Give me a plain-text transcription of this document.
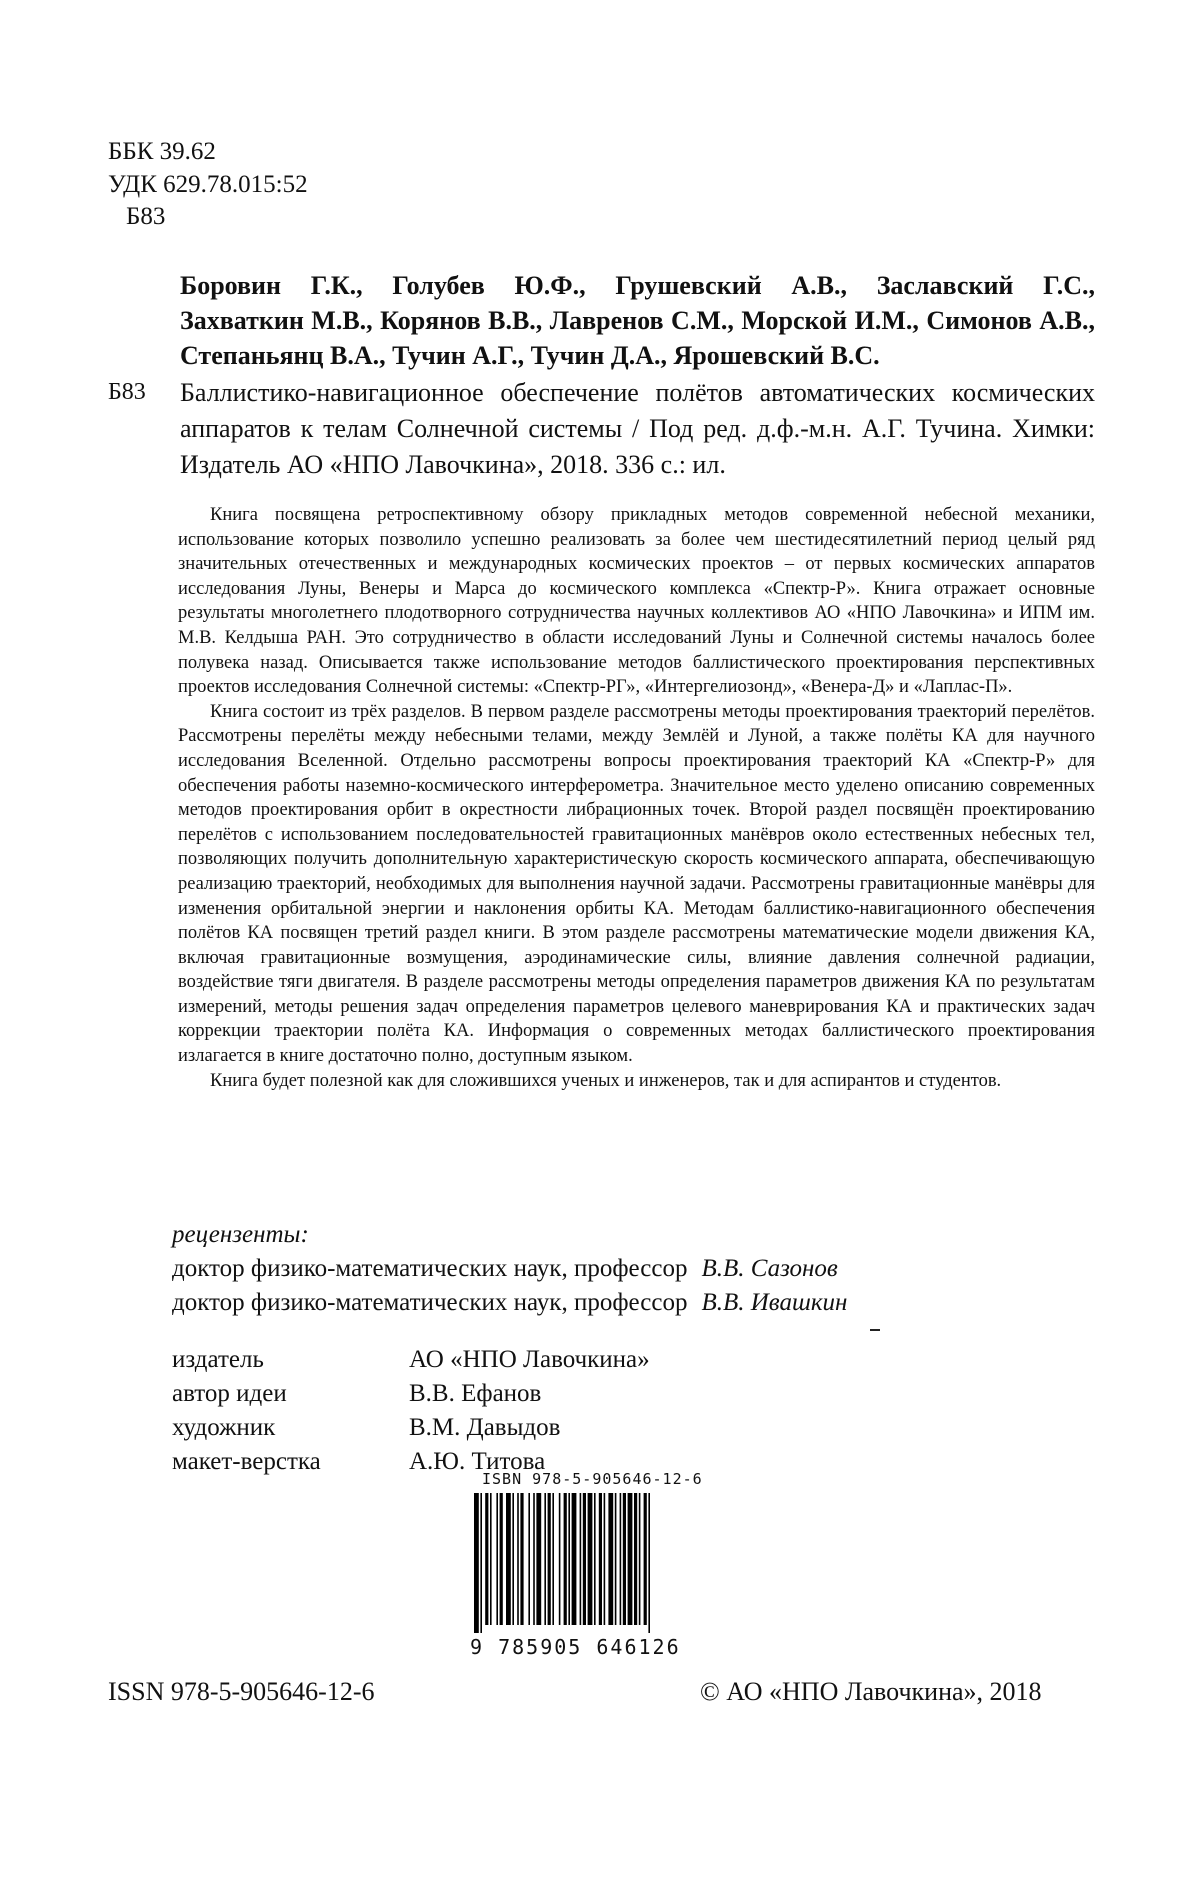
ББК 39.62
УДК 629.78.015:52
Б83
Боровин Г.К., Голубев Ю.Ф., Грушевский А.В., Заславский Г.С.,
Захваткин М.В., Корянов В.В., Лавренов С.М., Морской И.М., Симонов А.В.,
Степаньянц В.А., Тучин А.Г., Тучин Д.А., Ярошевский В.С.
Б83 Баллистико-навигационное обеспечение полётов автоматических космических
аппаратов к телам Солнечной системы / Под ред. д.ф.-м.н. А.Г. Тучина. Химки:
Издатель АО «НПО Лавочкина», 2018. 336 с.: ил.

Книга посвящена ретроспективному обзору прикладных методов современной небесной механики, использование которых позволило успешно реализовать за более чем шестидесятилетний период целый ряд значительных отечественных и международных космических проектов – от первых космических аппаратов исследования Луны, Венеры и Марса до космического комплекса «Спектр-Р». Книга отражает основные результаты многолетнего плодотворного сотрудничества научных коллективов АО «НПО Лавочкина» и ИПМ им. М.В. Келдыша РАН. Это сотрудничество в области исследований Луны и Солнечной системы началось более полувека назад. Описывается также использование методов баллистического проектирования перспективных проектов исследования Солнечной системы: «Спектр-РГ», «Интергелиозонд», «Венера-Д» и «Лаплас-П».

Книга состоит из трёх разделов. В первом разделе рассмотрены методы проектирования траекторий перелётов. Рассмотрены перелёты между небесными телами, между Землёй и Луной, а также полёты КА для научного исследования Вселенной. Отдельно рассмотрены вопросы проектирования траекторий КА «Спектр-Р» для обеспечения работы наземно-космического интерферометра. Значительное место уделено описанию современных методов проектирования орбит в окрестности либрационных точек. Второй раздел посвящён проектированию перелётов с использованием последовательностей гравитационных манёвров около естественных небесных тел, позволяющих получить дополнительную характеристическую скорость космического аппарата, обеспечивающую реализацию траекторий, необходимых для выполнения научной задачи. Рассмотрены гравитационные манёвры для изменения орбитальной энергии и наклонения орбиты КА. Методам баллистико-навигационного обеспечения полётов КА посвящен третий раздел книги. В этом разделе рассмотрены математические модели движения КА, включая гравитационные возмущения, аэродинамические силы, влияние давления солнечной радиации, воздействие тяги двигателя. В разделе рассмотрены методы определения параметров движения КА по результатам измерений, методы решения задач определения параметров целевого маневрирования КА и практических задач коррекции траектории полёта КА. Информация о современных методах баллистического проектирования излагается в книге достаточно полно, доступным языком.

Книга будет полезной как для сложившихся ученых и инженеров, так и для аспирантов и студентов.

рецензенты:
доктор физико-математических наук, профессор В.В. Сазонов
доктор физико-математических наук, профессор В.В. Ивашкин
издатель	АО «НПО Лавочкина»
автор идеи	В.В. Ефанов
художник	В.М. Давыдов
макет-верстка	А.Ю. Титова
ISBN 978-5-905646-12-6
9 785905 646126
ISSN 978-5-905646-12-6	© АО «НПО Лавочкина», 2018
